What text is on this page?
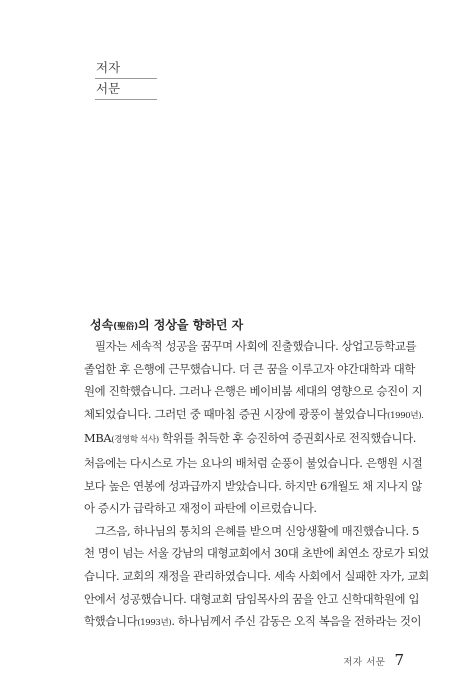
저자
서문
성속(聖俗)의 정상을 향하던 자
필자는 세속적 성공을 꿈꾸며 사회에 진출했습니다. 상업고등학교를
졸업한 후 은행에 근무했습니다. 더 큰 꿈을 이루고자 야간대학과 대학
원에 진학했습니다. 그러나 은행은 베이비붐 세대의 영향으로 승진이 지
체되었습니다. 그러던 중 때마침 증권 시장에 광풍이 불었습니다(1990년).
MBA(경영학 석사) 학위를 취득한 후 승진하여 증권회사로 전직했습니다.
처음에는 다시스로 가는 요나의 배처럼 순풍이 불었습니다. 은행원 시절
보다 높은 연봉에 성과급까지 받았습니다. 하지만 6개월도 채 지나지 않
아 증시가 급락하고 재정이 파탄에 이르렀습니다.
그즈음, 하나님의 통치의 은혜를 받으며 신앙생활에 매진했습니다. 5
천 명이 넘는 서울 강남의 대형교회에서 30대 초반에 최연소 장로가 되었
습니다. 교회의 재정을 관리하였습니다. 세속 사회에서 실패한 자가, 교회
안에서 성공했습니다. 대형교회 담임목사의 꿈을 안고 신학대학원에 입
학했습니다(1993년). 하나님께서 주신 감동은 오직 복음을 전하라는 것이
저자 서문 7
